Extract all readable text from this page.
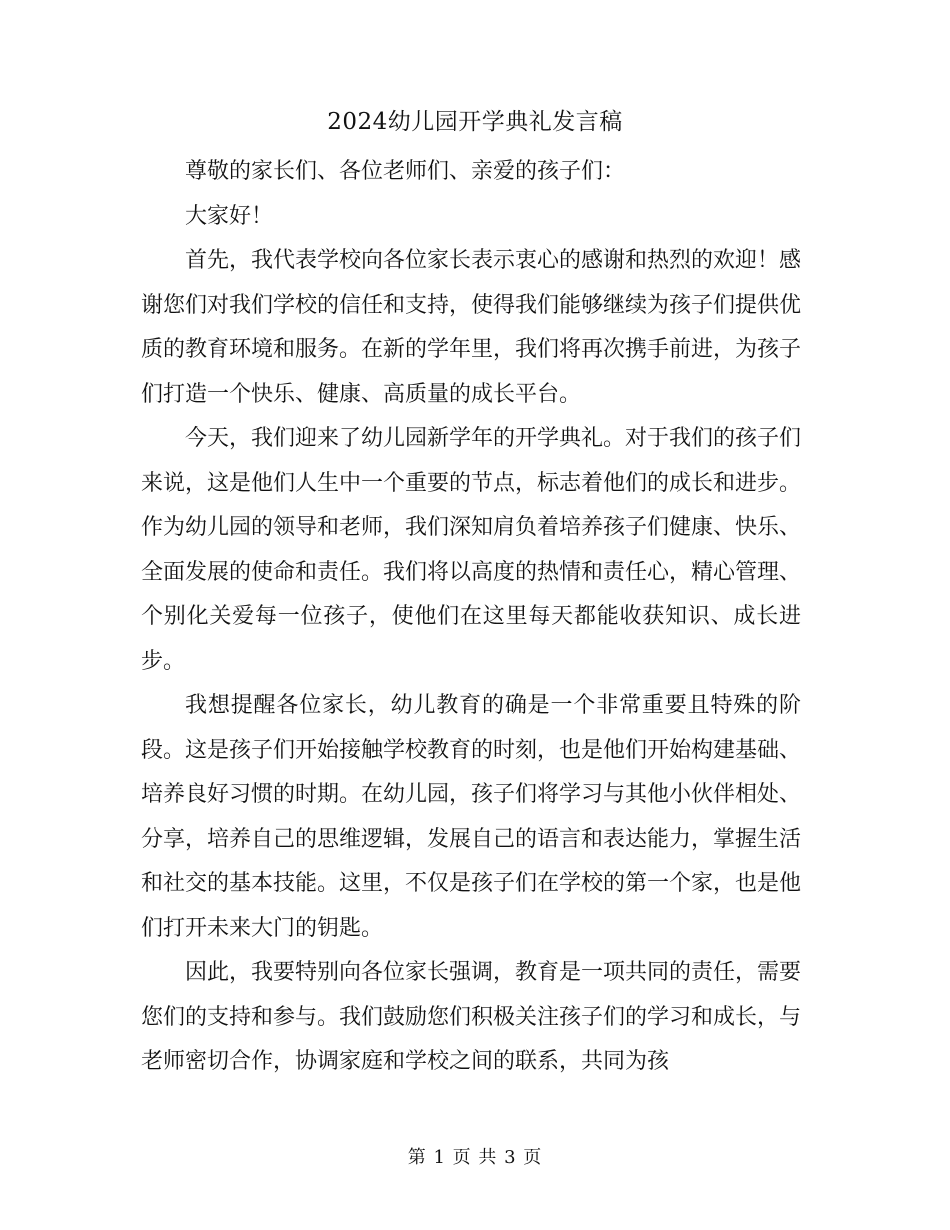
2024幼儿园开学典礼发言稿

尊敬的家长们、各位老师们、亲爱的孩子们：

大家好！

首先，我代表学校向各位家长表示衷心的感谢和热烈的欢迎！感谢您们对我们学校的信任和支持，使得我们能够继续为孩子们提供优质的教育环境和服务。在新的学年里，我们将再次携手前进，为孩子们打造一个快乐、健康、高质量的成长平台。

今天，我们迎来了幼儿园新学年的开学典礼。对于我们的孩子们来说，这是他们人生中一个重要的节点，标志着他们的成长和进步。作为幼儿园的领导和老师，我们深知肩负着培养孩子们健康、快乐、全面发展的使命和责任。我们将以高度的热情和责任心，精心管理、个别化关爱每一位孩子，使他们在这里每天都能收获知识、成长进步。

我想提醒各位家长，幼儿教育的确是一个非常重要且特殊的阶段。这是孩子们开始接触学校教育的时刻，也是他们开始构建基础、培养良好习惯的时期。在幼儿园，孩子们将学习与其他小伙伴相处、分享，培养自己的思维逻辑，发展自己的语言和表达能力，掌握生活和社交的基本技能。这里，不仅是孩子们在学校的第一个家，也是他们打开未来大门的钥匙。

因此，我要特别向各位家长强调，教育是一项共同的责任，需要您们的支持和参与。我们鼓励您们积极关注孩子们的学习和成长，与老师密切合作，协调家庭和学校之间的联系，共同为孩

第 1 页 共 3 页
